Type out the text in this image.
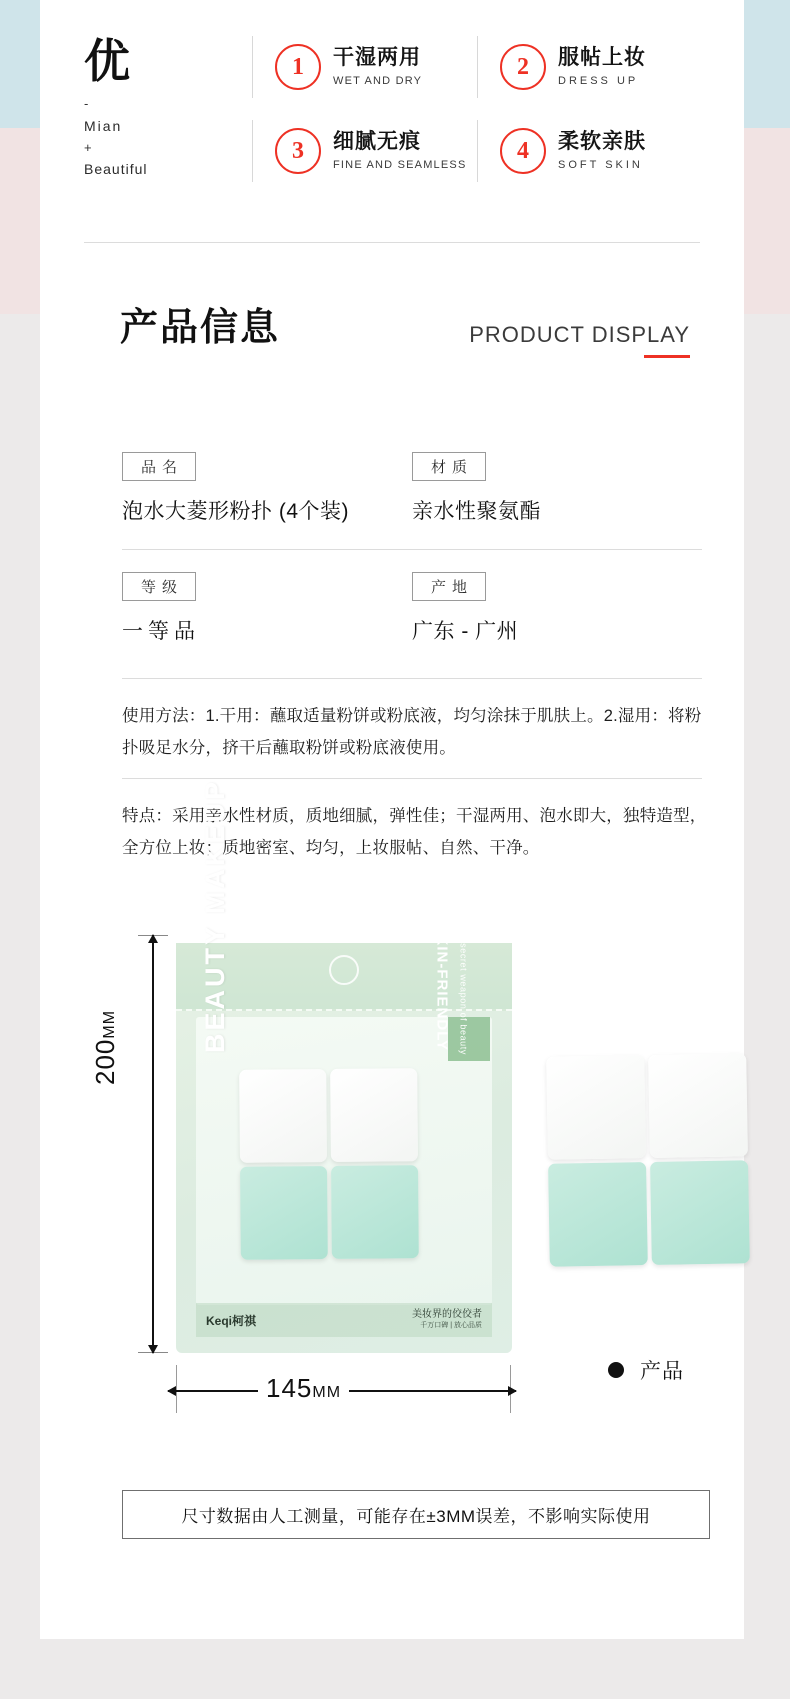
优
-
Mian
+
Beautiful
1	干湿两用
WET AND DRY
2	服帖上妆
DRESS UP
3	细腻无痕
FINE AND SEAMLESS
4	柔软亲肤
SOFT SKIN
产品信息	PRODUCT DISPLAY
品名
泡水大菱形粉扑 (4个装)
材质
亲水性聚氨酯
等级
一等品
产地
广东 - 广州
使用方法：1.干用：蘸取适量粉饼或粉底液，均匀涂抹于肌肤上。2.湿用：将粉扑吸足水分，挤干后蘸取粉饼或粉底液使用。
特点：采用亲水性材质，质地细腻，弹性佳；干湿两用、泡水即大，独特造型，全方位上妆；质地密室、均匀，上妆服帖、自然、干净。
200MM	BEAUTY MAKEUP	SKIN-FRIENDLY The secret weapon of beauty
Keqi柯祺	美妆界的佼佼者
千万口碑 | 放心品质
145MM
产品
尺寸数据由人工测量，可能存在±3MM误差，不影响实际使用
